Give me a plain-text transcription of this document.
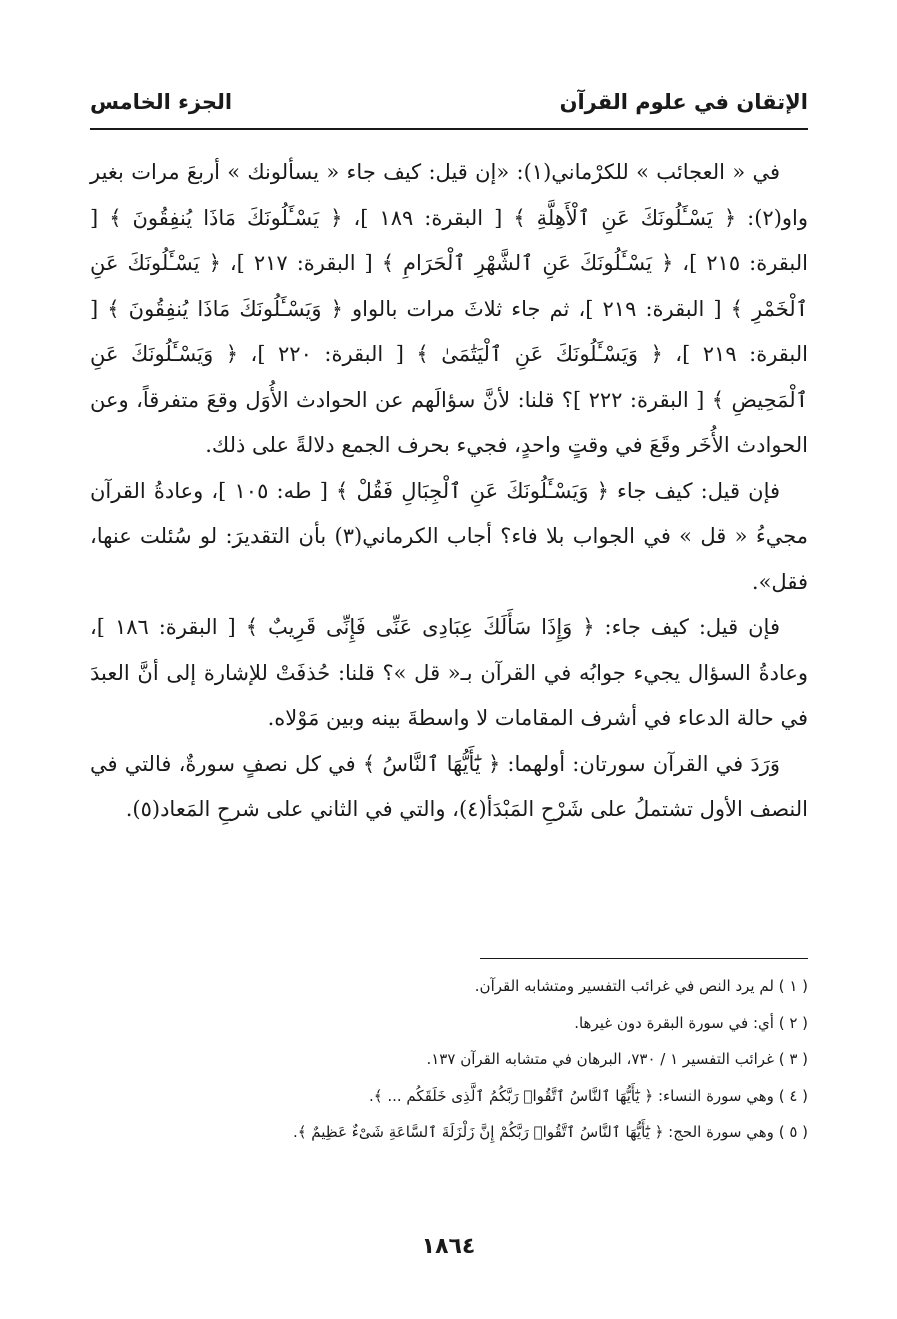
الإتقان في علوم القرآن
الجزء الخامس

في « العجائب » للكرْماني(١): «إن قيل: كيف جاء « يسألونك » أربعَ مرات بغير واو(٢): ﴿ يَسْـَٔلُونَكَ عَنِ ٱلْأَهِلَّةِ ﴾ [ البقرة: ١٨٩ ]، ﴿ يَسْـَٔلُونَكَ مَاذَا يُنفِقُونَ ﴾ [ البقرة: ٢١٥ ]، ﴿ يَسْـَٔلُونَكَ عَنِ ٱلشَّهْرِ ٱلْحَرَامِ ﴾ [ البقرة: ٢١٧ ]، ﴿ يَسْـَٔلُونَكَ عَنِ ٱلْخَمْرِ ﴾ [ البقرة: ٢١٩ ]، ثم جاء ثلاثَ مرات بالواو ﴿ وَيَسْـَٔلُونَكَ مَاذَا يُنفِقُونَ ﴾ [ البقرة: ٢١٩ ]، ﴿ وَيَسْـَٔلُونَكَ عَنِ ٱلْيَتَٰمَىٰ ﴾ [ البقرة: ٢٢٠ ]، ﴿ وَيَسْـَٔلُونَكَ عَنِ ٱلْمَحِيضِ ﴾ [ البقرة: ٢٢٢ ]؟ قلنا: لأنَّ سؤالَهم عن الحوادث الأُوَل وقعَ متفرقاً، وعن الحوادث الأُخَر وقَعَ في وقتٍ واحدٍ، فجيء بحرف الجمع دلالةً على ذلك.

فإن قيل: كيف جاء ﴿ وَيَسْـَٔلُونَكَ عَنِ ٱلْجِبَالِ فَقُلْ ﴾ [ طه: ١٠٥ ]، وعادةُ القرآن مجيءُ « قل » في الجواب بلا فاء؟ أجاب الكرماني(٣) بأن التقديرَ: لو سُئلت عنها، فقل».

فإن قيل: كيف جاء: ﴿ وَإِذَا سَأَلَكَ عِبَادِى عَنِّى فَإِنِّى قَرِيبٌ ﴾ [ البقرة: ١٨٦ ]، وعادةُ السؤال يجيء جوابُه في القرآن بـ« قل »؟ قلنا: حُذفَتْ للإشارة إلى أنَّ العبدَ في حالة الدعاء في أشرف المقامات لا واسطةَ بينه وبين مَوْلاه.

وَرَدَ في القرآن سورتان: أولهما: ﴿ يَٰٓأَيُّهَا ٱلنَّاسُ ﴾ في كل نصفٍ سورةٌ، فالتي في النصف الأول تشتملُ على شَرْحِ المَبْدَأ(٤)، والتي في الثاني على شرحِ المَعاد(٥).

( ١ ) لم يرد النص في غرائب التفسير ومتشابه القرآن.

( ٢ ) أي: في سورة البقرة دون غيرها.

( ٣ ) غرائب التفسير ١ / ٧٣٠، البرهان في متشابه القرآن ١٣٧.

( ٤ ) وهي سورة النساء: ﴿ يَٰٓأَيُّهَا ٱلنَّاسُ ٱتَّقُوا۟ رَبَّكُمُ ٱلَّذِى خَلَقَكُم ... ﴾.

( ٥ ) وهي سورة الحج: ﴿ يَٰٓأَيُّهَا ٱلنَّاسُ ٱتَّقُوا۟ رَبَّكُمْ إِنَّ زَلْزَلَةَ ٱلسَّاعَةِ شَىْءٌ عَظِيمٌ ﴾.

١٨٦٤
